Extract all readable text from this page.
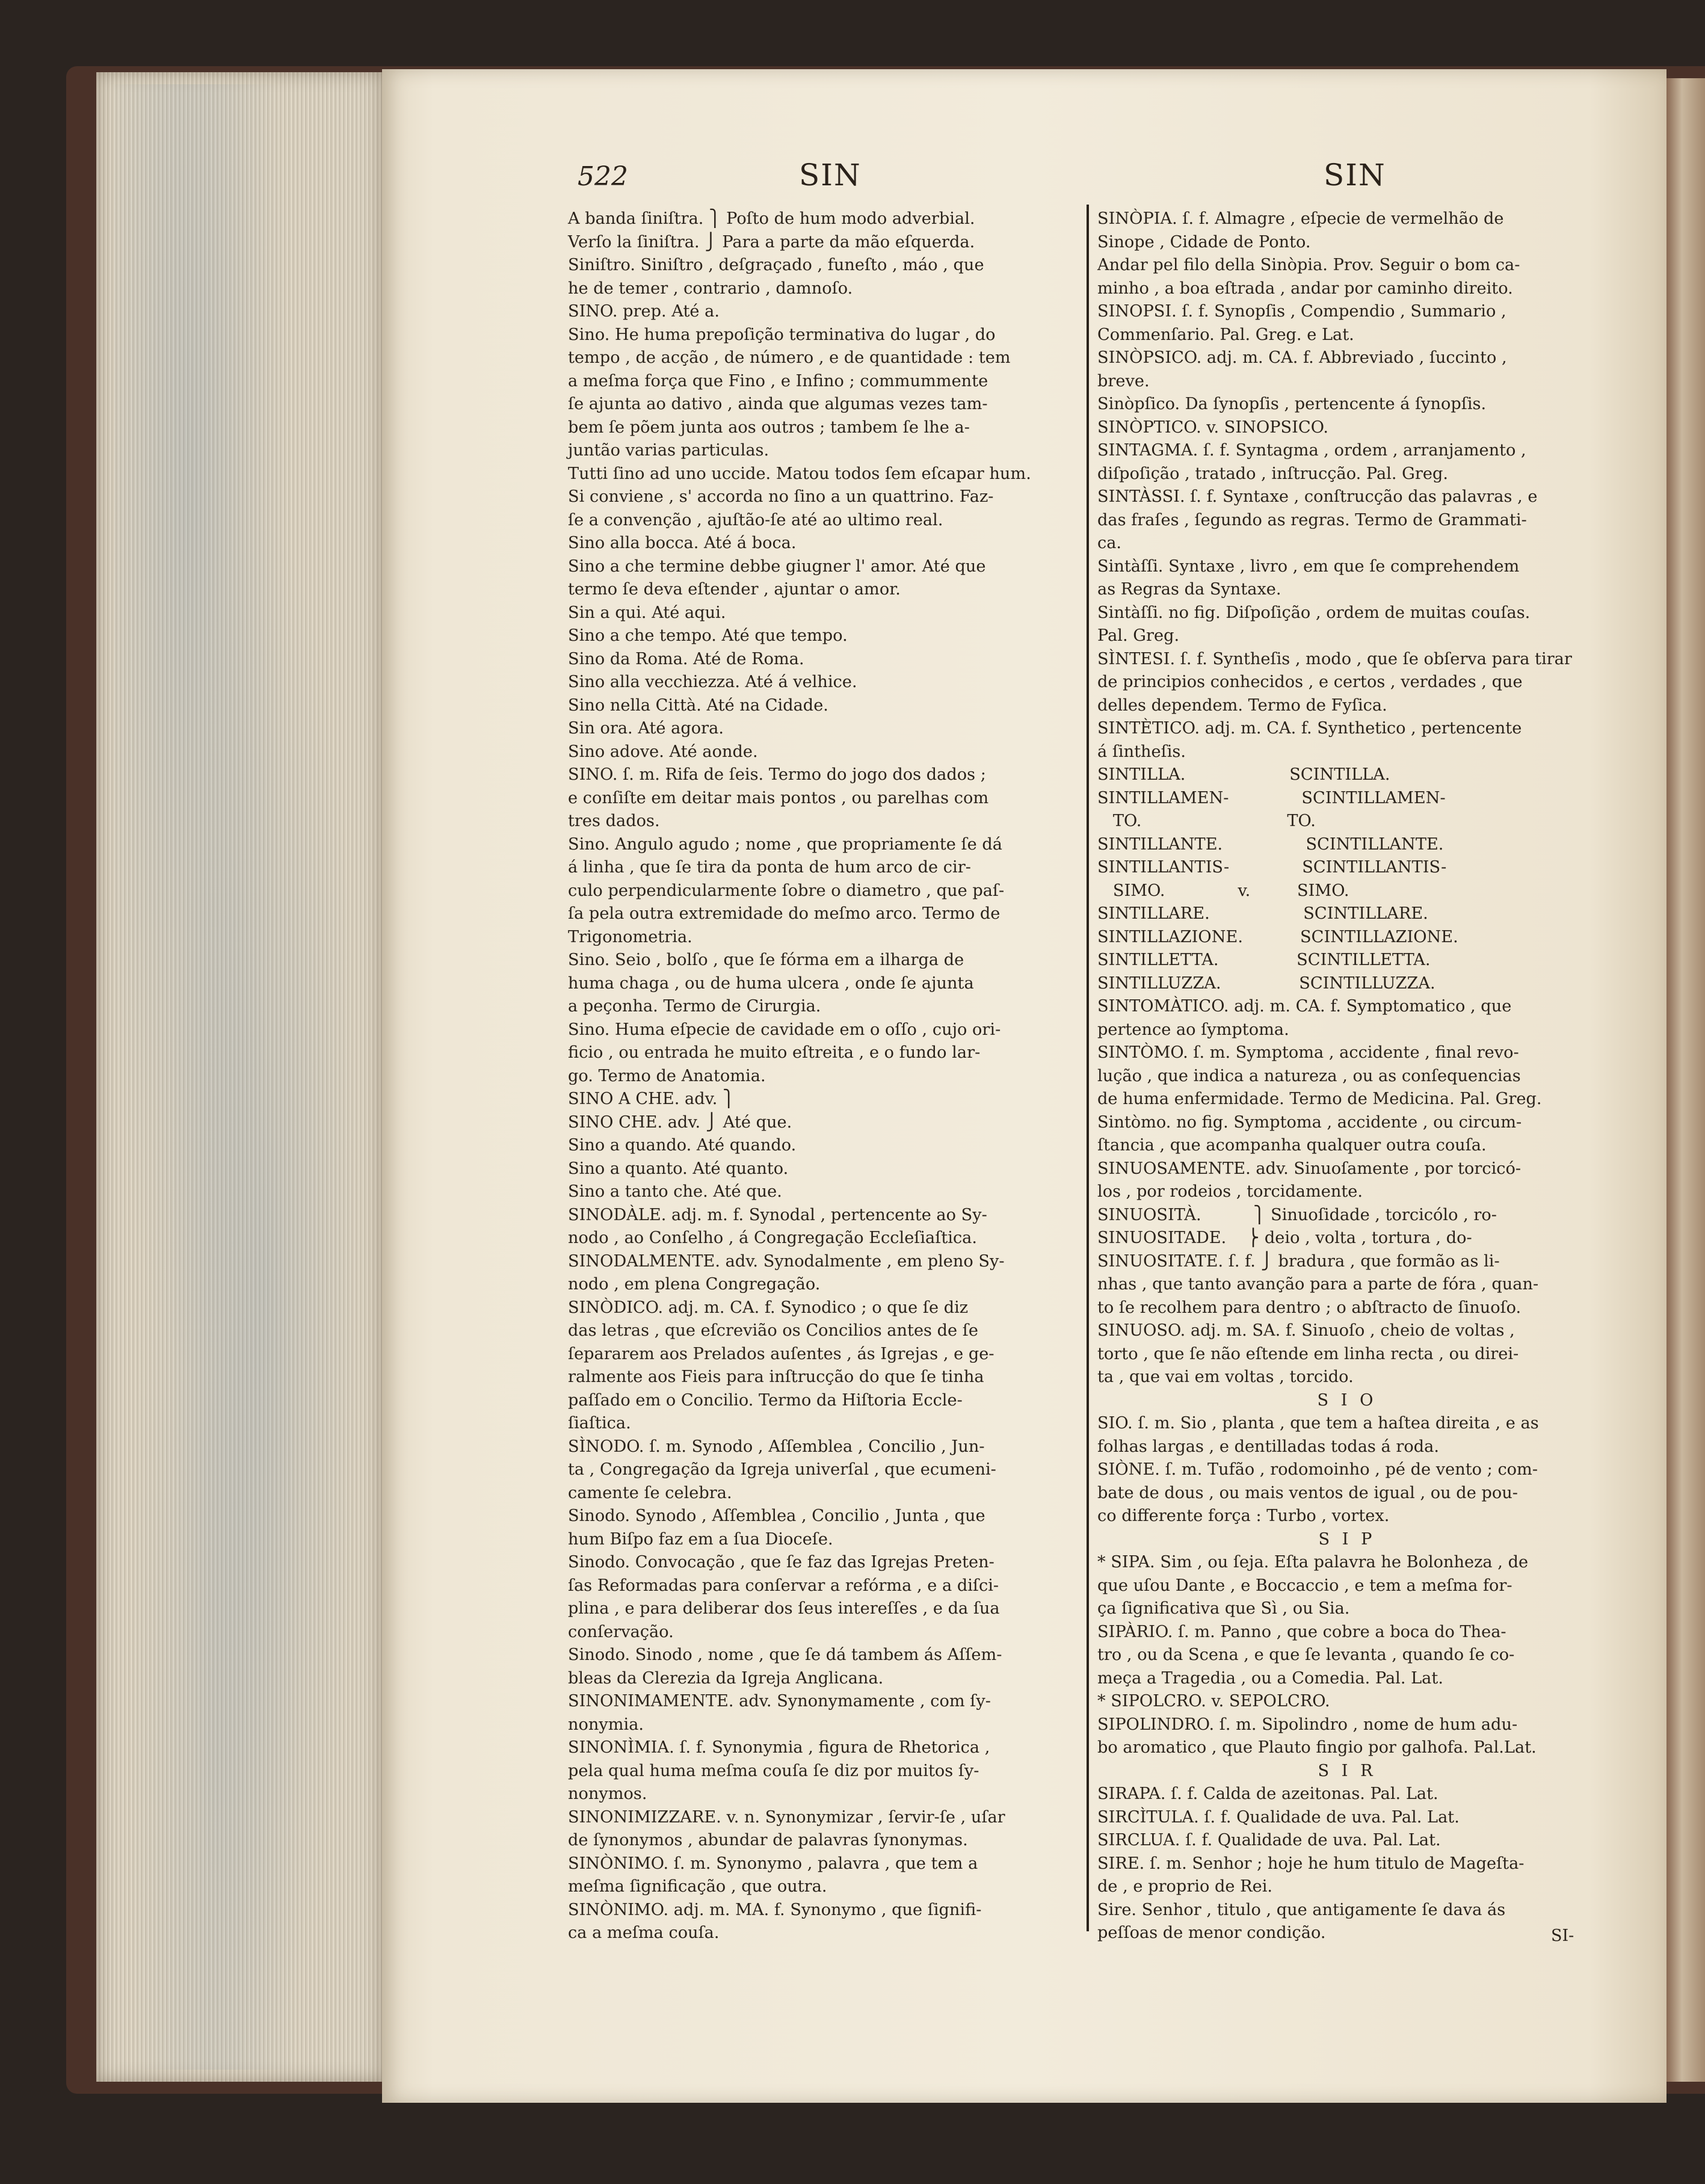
522	SIN	SIN
A banda ſiniſtra. ⎫ Poſto de hum modo adverbial.
Verſo la ſiniſtra. ⎭ Para a parte da mão eſquerda.
Siniſtro. Siniſtro , deſgraçado , funeſto , máo , que
he de temer , contrario , damnoſo.
SINO. prep. Até a.
Sino. He huma prepoſição terminativa do lugar , do
tempo , de acção , de número , e de quantidade : tem
a meſma força que Fino , e Infino ; commummente
ſe ajunta ao dativo , ainda que algumas vezes tam-
bem ſe põem junta aos outros ; tambem ſe lhe a-
juntão varias particulas.
Tutti ſino ad uno uccide. Matou todos ſem eſcapar hum.
Si conviene , s' accorda no ſino a un quattrino. Faz-
ſe a convenção , ajuſtão-ſe até ao ultimo real.
Sino alla bocca. Até á boca.
Sino a che termine debbe giugner l' amor. Até que
termo ſe deva eſtender , ajuntar o amor.
Sin a qui. Até aqui.
Sino a che tempo. Até que tempo.
Sino da Roma. Até de Roma.
Sino alla vecchiezza. Até á velhice.
Sino nella Città. Até na Cidade.
Sin ora. Até agora.
Sino adove. Até aonde.
SINO. ſ. m. Rifa de ſeis. Termo do jogo dos dados ;
e conſiſte em deitar mais pontos , ou parelhas com
tres dados.
Sino. Angulo agudo ; nome , que propriamente ſe dá
á linha , que ſe tira da ponta de hum arco de cir-
culo perpendicularmente ſobre o diametro , que paſ-
ſa pela outra extremidade do meſmo arco. Termo de
Trigonometria.
Sino. Seio , bolſo , que ſe fórma em a ilharga de
huma chaga , ou de huma ulcera , onde ſe ajunta
a peçonha. Termo de Cirurgia.
Sino. Huma eſpecie de cavidade em o oſſo , cujo ori-
ficio , ou entrada he muito eſtreita , e o fundo lar-
go. Termo de Anatomia.
SINO A CHE. adv. ⎫
SINO CHE. adv. ⎭ Até que.
Sino a quando. Até quando.
Sino a quanto. Até quanto.
Sino a tanto che. Até que.
SINODÀLE. adj. m. f. Synodal , pertencente ao Sy-
nodo , ao Conſelho , á Congregação Eccleſiaſtica.
SINODALMENTE. adv. Synodalmente , em pleno Sy-
nodo , em plena Congregação.
SINÒDICO. adj. m. CA. f. Synodico ; o que ſe diz
das letras , que eſcrevião os Concilios antes de ſe
ſepararem aos Prelados auſentes , ás Igrejas , e ge-
ralmente aos Fieis para inſtrucção do que ſe tinha
paſſado em o Concilio. Termo da Hiſtoria Eccle-
ſiaſtica.
SÌNODO. ſ. m. Synodo , Aſſemblea , Concilio , Jun-
ta , Congregação da Igreja univerſal , que ecumeni-
camente ſe celebra.
Sinodo. Synodo , Aſſemblea , Concilio , Junta , que
hum Biſpo faz em a ſua Dioceſe.
Sinodo. Convocação , que ſe faz das Igrejas Preten-
ſas Reformadas para conſervar a refórma , e a diſci-
plina , e para deliberar dos ſeus intereſſes , e da ſua
conſervação.
Sinodo. Sinodo , nome , que ſe dá tambem ás Aſſem-
bleas da Clerezia da Igreja Anglicana.
SINONIMAMENTE. adv. Synonymamente , com ſy-
nonymia.
SINONÌMIA. ſ. f. Synonymia , figura de Rhetorica ,
pela qual huma meſma couſa ſe diz por muitos ſy-
nonymos.
SINONIMIZZARE. v. n. Synonymizar , ſervir-ſe , uſar
de ſynonymos , abundar de palavras ſynonymas.
SINÒNIMO. ſ. m. Synonymo , palavra , que tem a
meſma ſignificação , que outra.
SINÒNIMO. adj. m. MA. f. Synonymo , que ſignifi-
ca a meſma couſa.
SINÒPIA. ſ. f. Almagre , eſpecie de vermelhão de
Sinope , Cidade de Ponto.
Andar pel filo della Sinòpia. Prov. Seguir o bom ca-
minho , a boa eſtrada , andar por caminho direito.
SINOPSI. ſ. f. Synopſis , Compendio , Summario ,
Commenſario. Pal. Greg. e Lat.
SINÒPSICO. adj. m. CA. f. Abbreviado , ſuccinto ,
breve.
Sinòpſico. Da ſynopſis , pertencente á ſynopſis.
SINÒPTICO. v. SINOPSICO.
SINTAGMA. ſ. f. Syntagma , ordem , arranjamento ,
diſpoſição , tratado , inſtrucção. Pal. Greg.
SINTÀSSI. ſ. f. Syntaxe , conſtrucção das palavras , e
das fraſes , ſegundo as regras. Termo de Grammati-
ca.
Sintàſſi. Syntaxe , livro , em que ſe comprehendem
as Regras da Syntaxe.
Sintàſſi. no fig. Diſpoſição , ordem de muitas couſas.
Pal. Greg.
SÌNTESI. ſ. f. Syntheſis , modo , que ſe obſerva para tirar
de principios conhecidos , e certos , verdades , que
delles dependem. Termo de Fyſica.
SINTÈTICO. adj. m. CA. f. Synthetico , pertencente
á ſintheſis.
SINTILLA.                    SCINTILLA.
SINTILLAMEN-              SCINTILLAMEN-
TO.                            TO.
SINTILLANTE.                SCINTILLANTE.
SINTILLANTIS-              SCINTILLANTIS-
SIMO.              v.         SIMO.
SINTILLARE.                  SCINTILLARE.
SINTILLAZIONE.           SCINTILLAZIONE.
SINTILLETTA.               SCINTILLETTA.
SINTILLUZZA.               SCINTILLUZZA.
SINTOMÀTICO. adj. m. CA. f. Symptomatico , que
pertence ao ſymptoma.
SINTÒMO. ſ. m. Symptoma , accidente , final revo-
lução , que indica a natureza , ou as conſequencias
de huma enfermidade. Termo de Medicina. Pal. Greg.
Sintòmo. no fig. Symptoma , accidente , ou circum-
ſtancia , que acompanha qualquer outra couſa.
SINUOSAMENTE. adv. Sinuoſamente , por torcicó-
los , por rodeios , torcidamente.
SINUOSITÀ.          ⎫ Sinuoſidade , torcicólo , ro-
SINUOSITADE.    ⎬ deio , volta , tortura , do-
SINUOSITATE. ſ. f. ⎭ bradura , que formão as li-
nhas , que tanto avanção para a parte de fóra , quan-
to ſe recolhem para dentro ; o abſtracto de ſinuoſo.
SINUOSO. adj. m. SA. f. Sinuoſo , cheio de voltas ,
torto , que ſe não eſtende em linha recta , ou direi-
ta , que vai em voltas , torcido.
S I O
SIO. ſ. m. Sio , planta , que tem a haſtea direita , e as
folhas largas , e dentilladas todas á roda.
SIÒNE. ſ. m. Tufão , rodomoinho , pé de vento ; com-
bate de dous , ou mais ventos de igual , ou de pou-
co differente força : Turbo , vortex.
S I P
* SIPA. Sim , ou ſeja. Eſta palavra he Bolonheza , de
que uſou Dante , e Boccaccio , e tem a meſma for-
ça ſignificativa que Sì , ou Sia.
SIPÀRIO. ſ. m. Panno , que cobre a boca do Thea-
tro , ou da Scena , e que ſe levanta , quando ſe co-
meça a Tragedia , ou a Comedia. Pal. Lat.
* SIPOLCRO. v. SEPOLCRO.
SIPOLINDRO. ſ. m. Sipolindro , nome de hum adu-
bo aromatico , que Plauto fingio por galhofa. Pal.Lat.
S I R
SIRAPA. ſ. f. Calda de azeitonas. Pal. Lat.
SIRCÌTULA. ſ. f. Qualidade de uva. Pal. Lat.
SIRCLUA. ſ. f. Qualidade de uva. Pal. Lat.
SIRE. ſ. m. Senhor ; hoje he hum titulo de Mageſta-
de , e proprio de Rei.
Sire. Senhor , titulo , que antigamente ſe dava ás
peſſoas de menor condição.	SI-
